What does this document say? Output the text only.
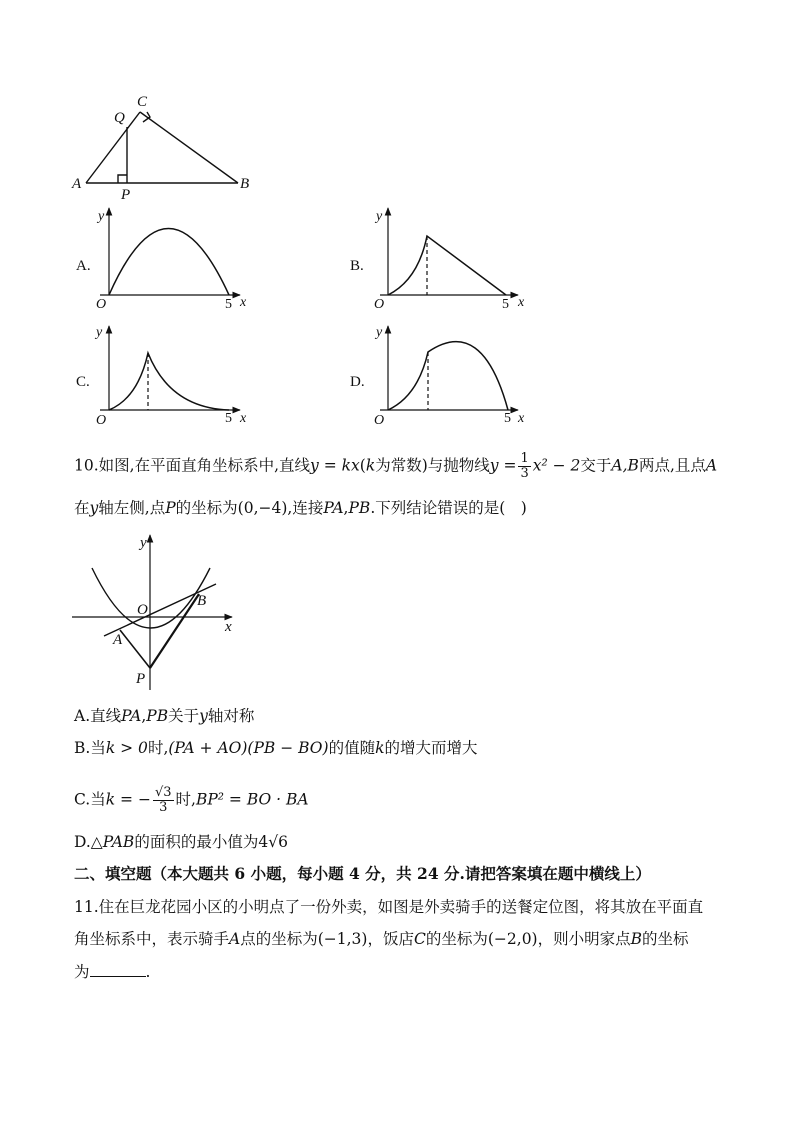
C
Q
A
P
B
A.
y
O	5 x
B.
y
O	5 x
C.
y
O	5 x
D.
y
O	5 x
10.如图,在平面直角坐标系中,直线y = kx(k为常数)与抛物线$y = \frac{1}{3} x^2 - 2$交于A,B两点,且点A
在y轴左侧,点P的坐标为(0,−4),连接PA,PB.下列结论错误的是(　)
y
x
O
A
B
P
A.直线PA,PB关于y轴对称
B.当k > 0时,(PA + AO)(PB − BO)的值随k的增大而增大
C.当k = − $\frac{√3}{3}$ 时,BP² = BO · BA
D.△PAB的面积的最小值为4√6
二、填空题（本大题共 6 小题，每小题 4 分，共 24 分.请把答案填在题中横线上）
11.住在巨龙花园小区的小明点了一份外卖，如图是外卖骑手的送餐定位图，将其放在平面直
角坐标系中，表示骑手A点的坐标为(−1,3)，饭店C的坐标为(−2,0)，则小明家点B的坐标
为	.
